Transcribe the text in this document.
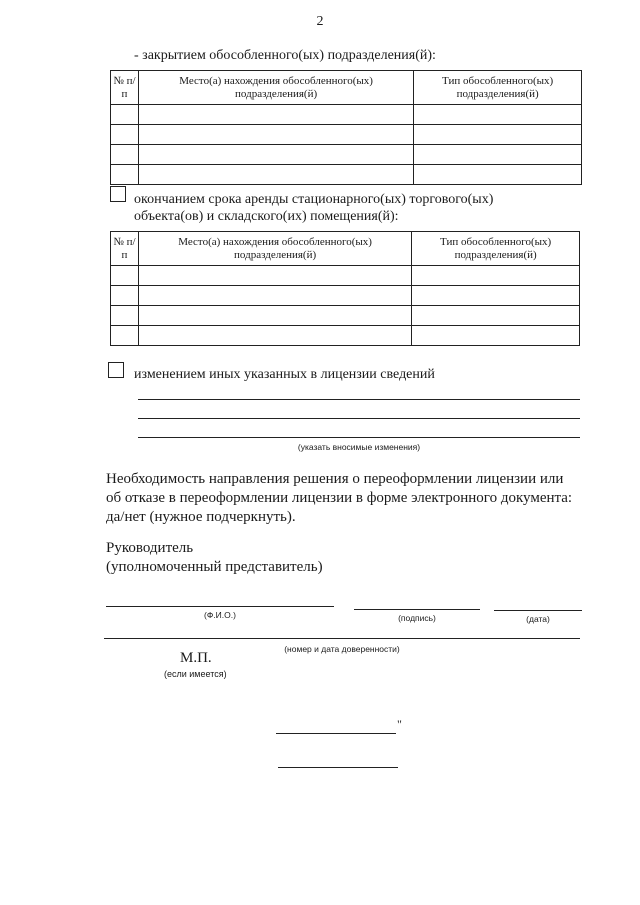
2
- закрытием обособленного(ых) подразделения(й):
№ п/п	Место(а) нахождения обособленного(ых) подразделения(й)	Тип обособленного(ых) подразделения(й)

окончанием срока аренды стационарного(ых) торгового(ых)
объекта(ов) и складского(их) помещения(й):
№ п/п	Место(а) нахождения обособленного(ых) подразделения(й)	Тип обособленного(ых) подразделения(й)

изменением иных указанных в лицензии сведений
(указать вносимые изменения)
Необходимость направления решения о переоформлении лицензии или
об отказе в переоформлении лицензии в форме электронного документа:
да/нет (нужное подчеркнуть).
Руководитель
(уполномоченный представитель)
(Ф.И.О.)	(подпись)	(дата)
(номер и дата доверенности)
М.П.
(если имеется)
"
